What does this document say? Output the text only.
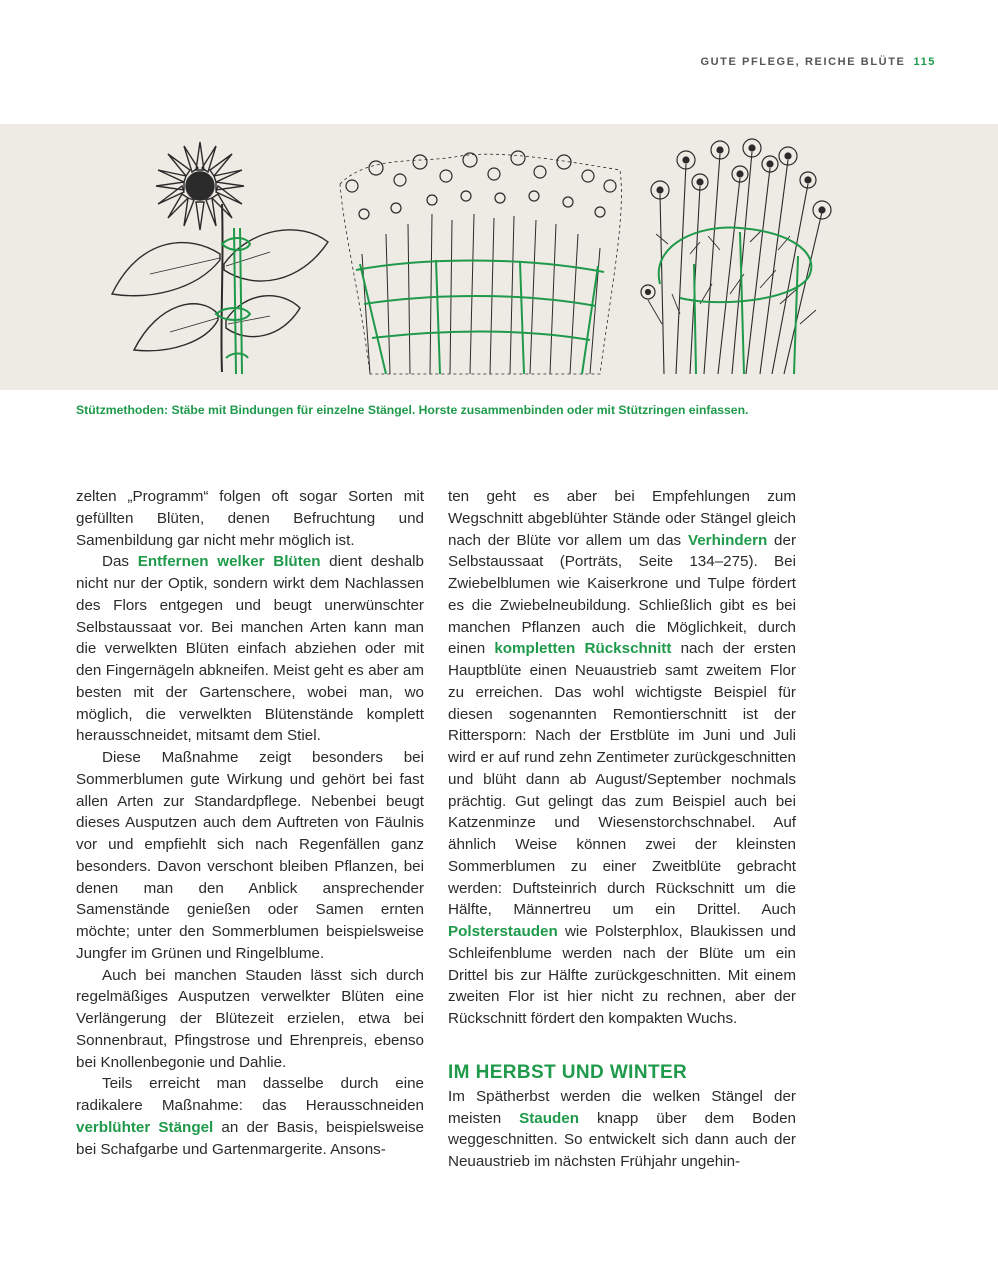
GUTE PFLEGE, REICHE BLÜTE 115
Stützmethoden: Stäbe mit Bindungen für einzelne Stängel. Horste zusammenbinden oder mit Stützringen einfassen.

zelten „Programm“ folgen oft sogar Sorten mit gefüllten Blüten, denen Befruchtung und Samenbildung gar nicht mehr möglich ist.

Das Entfernen welker Blüten dient deshalb nicht nur der Optik, sondern wirkt dem Nachlassen des Flors entgegen und beugt unerwünschter Selbstaussaat vor. Bei manchen Arten kann man die verwelkten Blüten einfach abziehen oder mit den Fingernägeln abkneifen. Meist geht es aber am besten mit der Gartenschere, wobei man, wo möglich, die verwelkten Blütenstände komplett herausschneidet, mitsamt dem Stiel.

Diese Maßnahme zeigt besonders bei Sommerblumen gute Wirkung und gehört bei fast allen Arten zur Standardpflege. Nebenbei beugt dieses Ausputzen auch dem Auftreten von Fäulnis vor und empfiehlt sich nach Regenfällen ganz besonders. Davon verschont bleiben Pflanzen, bei denen man den Anblick ansprechender Samenstände genießen oder Samen ernten möchte; unter den Sommerblumen beispielsweise Jungfer im Grünen und Ringelblume.

Auch bei manchen Stauden lässt sich durch regelmäßiges Ausputzen verwelkter Blüten eine Verlängerung der Blütezeit erzielen, etwa bei Sonnenbraut, Pfingstrose und Ehrenpreis, ebenso bei Knollenbegonie und Dahlie.

Teils erreicht man dasselbe durch eine radikalere Maßnahme: das Herausschneiden verblühter Stängel an der Basis, beispielsweise bei Schafgarbe und Gartenmargerite. Ansons-

ten geht es aber bei Empfehlungen zum Wegschnitt abgeblühter Stände oder Stängel gleich nach der Blüte vor allem um das Verhindern der Selbstaussaat (Porträts, Seite 134–275). Bei Zwiebelblumen wie Kaiserkrone und Tulpe fördert es die Zwiebelneubildung. Schließlich gibt es bei manchen Pflanzen auch die Möglichkeit, durch einen kompletten Rückschnitt nach der ersten Hauptblüte einen Neuaustrieb samt zweitem Flor zu erreichen. Das wohl wichtigste Beispiel für diesen sogenannten Remontierschnitt ist der Rittersporn: Nach der Erstblüte im Juni und Juli wird er auf rund zehn Zentimeter zurückgeschnitten und blüht dann ab August/September nochmals prächtig. Gut gelingt das zum Beispiel auch bei Katzenminze und Wiesenstorchschnabel. Auf ähnlich Weise können zwei der kleinsten Sommerblumen zu einer Zweitblüte gebracht werden: Duftsteinrich durch Rückschnitt um die Hälfte, Männertreu um ein Drittel. Auch Polsterstauden wie Polsterphlox, Blaukissen und Schleifenblume werden nach der Blüte um ein Drittel bis zur Hälfte zurückgeschnitten. Mit einem zweiten Flor ist hier nicht zu rechnen, aber der Rückschnitt fördert den kompakten Wuchs.

IM HERBST UND WINTER

Im Spätherbst werden die welken Stängel der meisten Stauden knapp über dem Boden weggeschnitten. So entwickelt sich dann auch der Neuaustrieb im nächsten Frühjahr ungehin-
